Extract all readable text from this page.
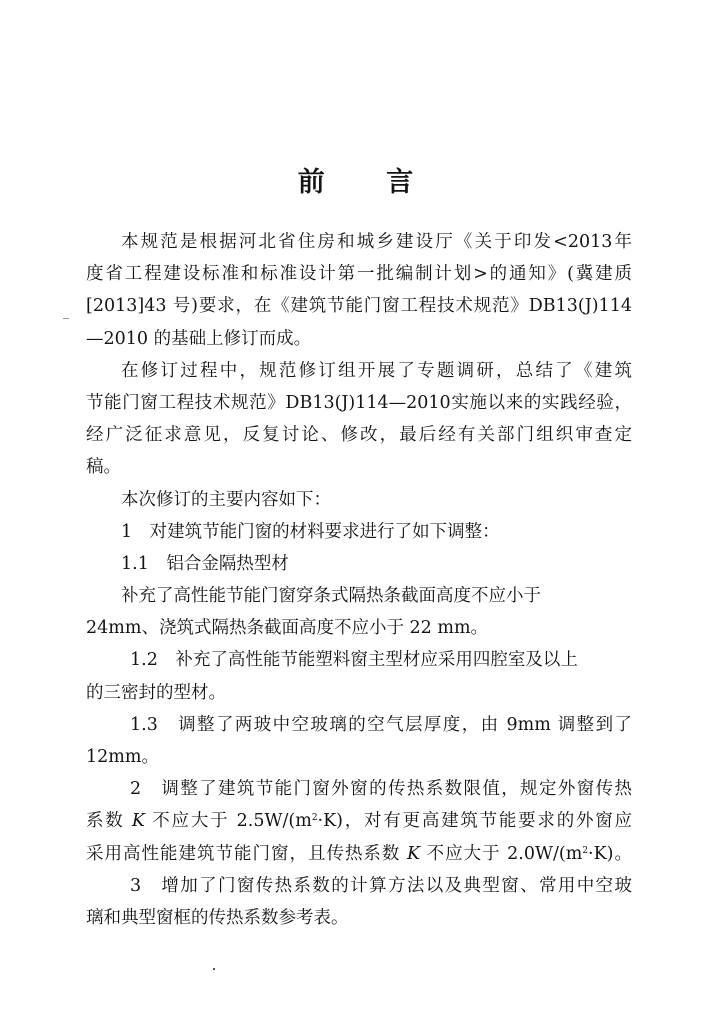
前 言
本规范是根据河北省住房和城乡建设厅《关于印发<2013年
度省工程建设标准和标准设计第一批编制计划>的通知》(冀建质
[2013]43 号)要求，在《建筑节能门窗工程技术规范》DB13(J)114
—2010 的基础上修订而成。
在修订过程中，规范修订组开展了专题调研，总结了《建筑
节能门窗工程技术规范》DB13(J)114—2010实施以来的实践经验，
经广泛征求意见，反复讨论、修改，最后经有关部门组织审查定
稿。
本次修订的主要内容如下：
1　对建筑节能门窗的材料要求进行了如下调整：
1.1　铝合金隔热型材
补充了高性能节能门窗穿条式隔热条截面高度不应小于
24mm、浇筑式隔热条截面高度不应小于 22 mm。
1.2　补充了高性能节能塑料窗主型材应采用四腔室及以上
的三密封的型材。
1.3　调整了两玻中空玻璃的空气层厚度，由 9mm 调整到了
12mm。
2　调整了建筑节能门窗外窗的传热系数限值，规定外窗传热
系数 K 不应大于 $2.5W/(m^2\cdot K)$，对有更高建筑节能要求的外窗应
采用高性能建筑节能门窗，且传热系数 K 不应大于 $2.0W/(m^2\cdot K)$。
3　增加了门窗传热系数的计算方法以及典型窗、常用中空玻
璃和典型窗框的传热系数参考表。
